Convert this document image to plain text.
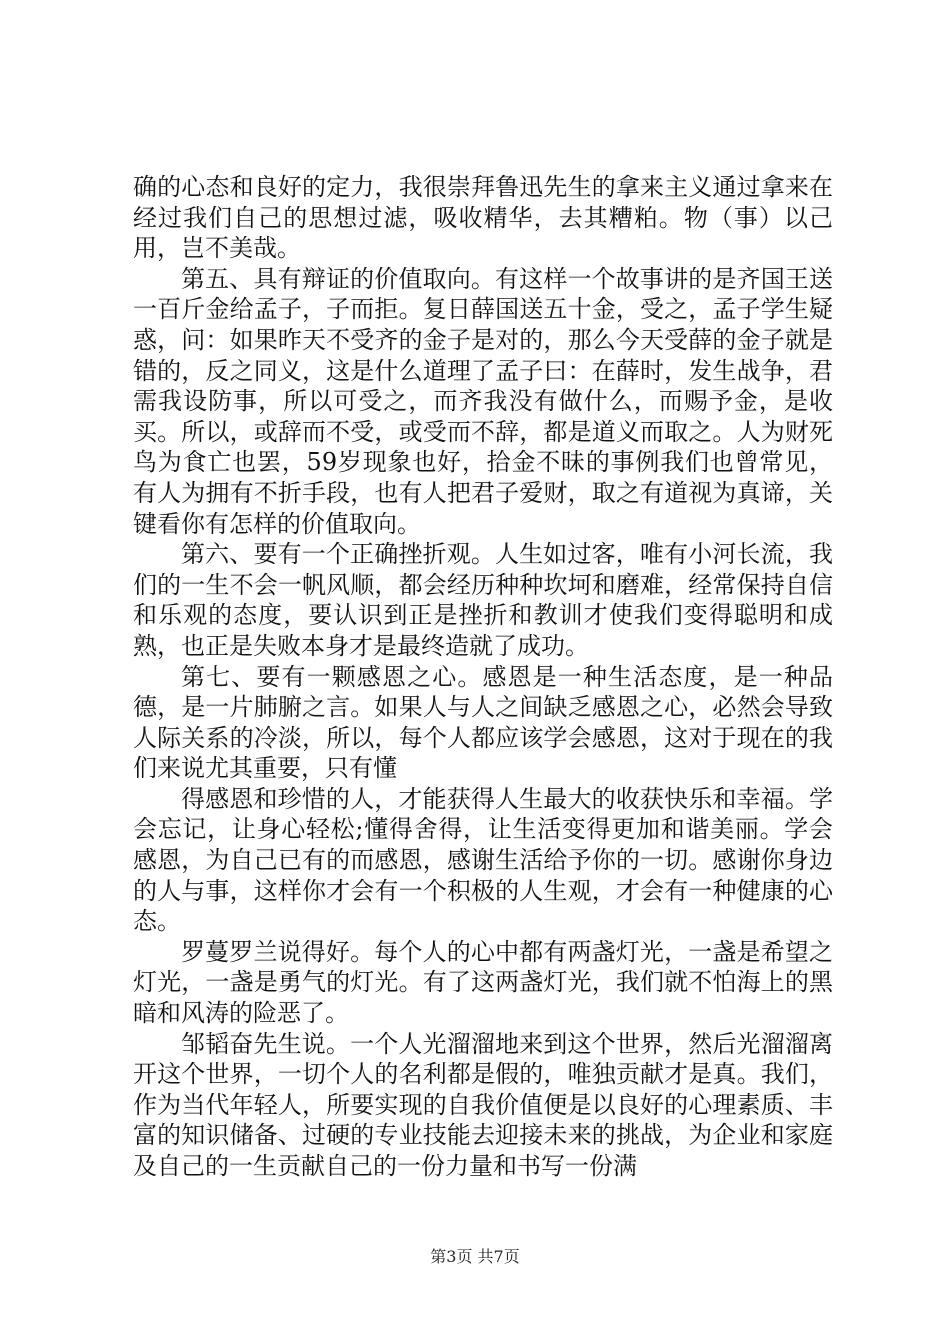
确的心态和良好的定力，我很崇拜鲁迅先生的拿来主义通过拿来在经过我们自己的思想过滤，吸收精华，去其糟粕。物（事）以己用，岂不美哉。

第五、具有辩证的价值取向。有这样一个故事讲的是齐国王送一百斤金给孟子，子而拒。复日薛国送五十金，受之，孟子学生疑惑，问：如果昨天不受齐的金子是对的，那么今天受薛的金子就是错的，反之同义，这是什么道理了孟子曰：在薛时，发生战争，君需我设防事，所以可受之，而齐我没有做什么，而赐予金，是收买。所以，或辞而不受，或受而不辞，都是道义而取之。人为财死鸟为食亡也罢，59岁现象也好，拾金不昧的事例我们也曾常见，有人为拥有不折手段，也有人把君子爱财，取之有道视为真谛，关键看你有怎样的价值取向。

第六、要有一个正确挫折观。人生如过客，唯有小河长流，我们的一生不会一帆风顺，都会经历种种坎坷和磨难，经常保持自信和乐观的态度，要认识到正是挫折和教训才使我们变得聪明和成熟，也正是失败本身才是最终造就了成功。

第七、要有一颗感恩之心。感恩是一种生活态度，是一种品德，是一片肺腑之言。如果人与人之间缺乏感恩之心，必然会导致人际关系的冷淡，所以，每个人都应该学会感恩，这对于现在的我们来说尤其重要，只有懂

得感恩和珍惜的人，才能获得人生最大的收获快乐和幸福。学会忘记，让身心轻松;懂得舍得，让生活变得更加和谐美丽。学会感恩，为自己已有的而感恩，感谢生活给予你的一切。感谢你身边的人与事，这样你才会有一个积极的人生观，才会有一种健康的心态。

罗蔓罗兰说得好。每个人的心中都有两盏灯光，一盏是希望之灯光，一盏是勇气的灯光。有了这两盏灯光，我们就不怕海上的黑暗和风涛的险恶了。

邹韬奋先生说。一个人光溜溜地来到这个世界，然后光溜溜离开这个世界，一切个人的名利都是假的，唯独贡献才是真。我们，作为当代年轻人，所要实现的自我价值便是以良好的心理素质、丰富的知识储备、过硬的专业技能去迎接未来的挑战，为企业和家庭及自己的一生贡献自己的一份力量和书写一份满

第3页 共7页
